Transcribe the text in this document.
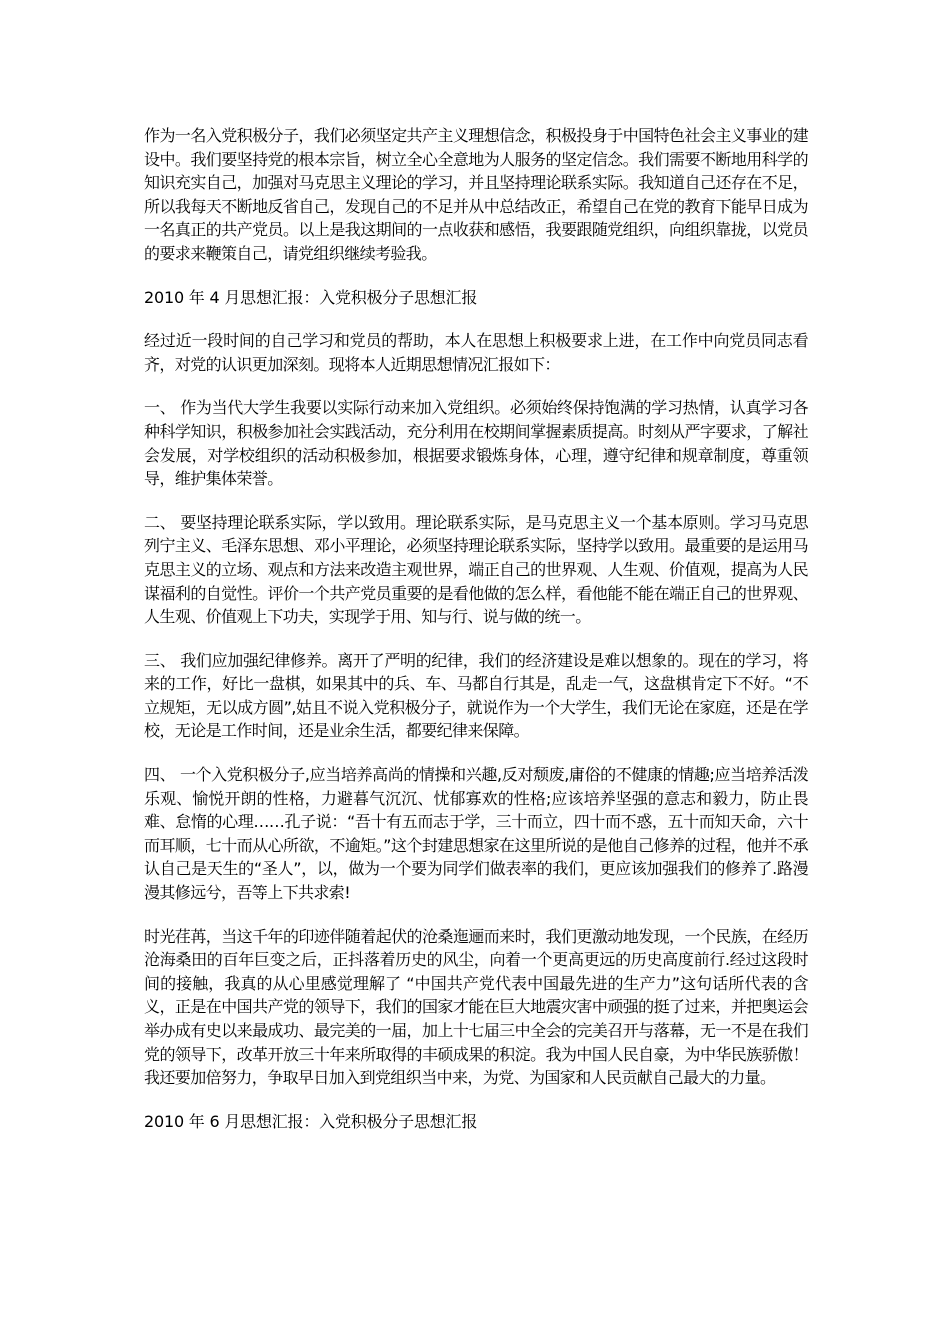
作为一名入党积极分子，我们必须坚定共产主义理想信念，积极投身于中国特色社会主义事业的建设中。我们要坚持党的根本宗旨，树立全心全意地为人服务的坚定信念。我们需要不断地用科学的知识充实自己，加强对马克思主义理论的学习，并且坚持理论联系实际。我知道自己还存在不足，所以我每天不断地反省自己，发现自己的不足并从中总结改正，希望自己在党的教育下能早日成为一名真正的共产党员。以上是我这期间的一点收获和感悟，我要跟随党组织，向组织靠拢，以党员的要求来鞭策自己，请党组织继续考验我。

2010 年 4 月思想汇报：入党积极分子思想汇报

经过近一段时间的自己学习和党员的帮助，本人在思想上积极要求上进，在工作中向党员同志看齐，对党的认识更加深刻。现将本人近期思想情况汇报如下：

一、 作为当代大学生我要以实际行动来加入党组织。必须始终保持饱满的学习热情，认真学习各种科学知识，积极参加社会实践活动，充分利用在校期间掌握素质提高。时刻从严字要求，了解社会发展，对学校组织的活动积极参加，根据要求锻炼身体，心理，遵守纪律和规章制度，尊重领导，维护集体荣誉。

二、 要坚持理论联系实际，学以致用。理论联系实际，是马克思主义一个基本原则。学习马克思列宁主义、毛泽东思想、邓小平理论，必须坚持理论联系实际，坚持学以致用。最重要的是运用马克思主义的立场、观点和方法来改造主观世界，端正自己的世界观、人生观、价值观，提高为人民谋福利的自觉性。评价一个共产党员重要的是看他做的怎么样，看他能不能在端正自己的世界观、人生观、价值观上下功夫，实现学于用、知与行、说与做的统一。

三、 我们应加强纪律修养。离开了严明的纪律，我们的经济建设是难以想象的。现在的学习，将来的工作，好比一盘棋，如果其中的兵、车、马都自行其是，乱走一气，这盘棋肯定下不好。“不立规矩，无以成方圆”,姑且不说入党积极分子，就说作为一个大学生，我们无论在家庭，还是在学校，无论是工作时间，还是业余生活，都要纪律来保障。

四、 一个入党积极分子,应当培养高尚的情操和兴趣,反对颓废,庸俗的不健康的情趣;应当培养活泼乐观、愉悦开朗的性格，力避暮气沉沉、忧郁寡欢的性格;应该培养坚强的意志和毅力，防止畏难、怠惰的心理……孔子说：“吾十有五而志于学，三十而立，四十而不惑，五十而知天命，六十而耳顺，七十而从心所欲，不逾矩。”这个封建思想家在这里所说的是他自己修养的过程，他并不承认自己是天生的“圣人”，以，做为一个要为同学们做表率的我们，更应该加强我们的修养了.路漫漫其修远兮，吾等上下共求索!

时光荏苒，当这千年的印迹伴随着起伏的沧桑迤逦而来时，我们更激动地发现，一个民族，在经历沧海桑田的百年巨变之后，正抖落着历史的风尘，向着一个更高更远的历史高度前行.经过这段时间的接触，我真的从心里感觉理解了 “中国共产党代表中国最先进的生产力”这句话所代表的含义，正是在中国共产党的领导下，我们的国家才能在巨大地震灾害中顽强的挺了过来，并把奥运会举办成有史以来最成功、最完美的一届，加上十七届三中全会的完美召开与落幕，无一不是在我们党的领导下，改革开放三十年来所取得的丰硕成果的积淀。我为中国人民自豪，为中华民族骄傲！我还要加倍努力，争取早日加入到党组织当中来，为党、为国家和人民贡献自己最大的力量。

2010 年 6 月思想汇报：入党积极分子思想汇报
